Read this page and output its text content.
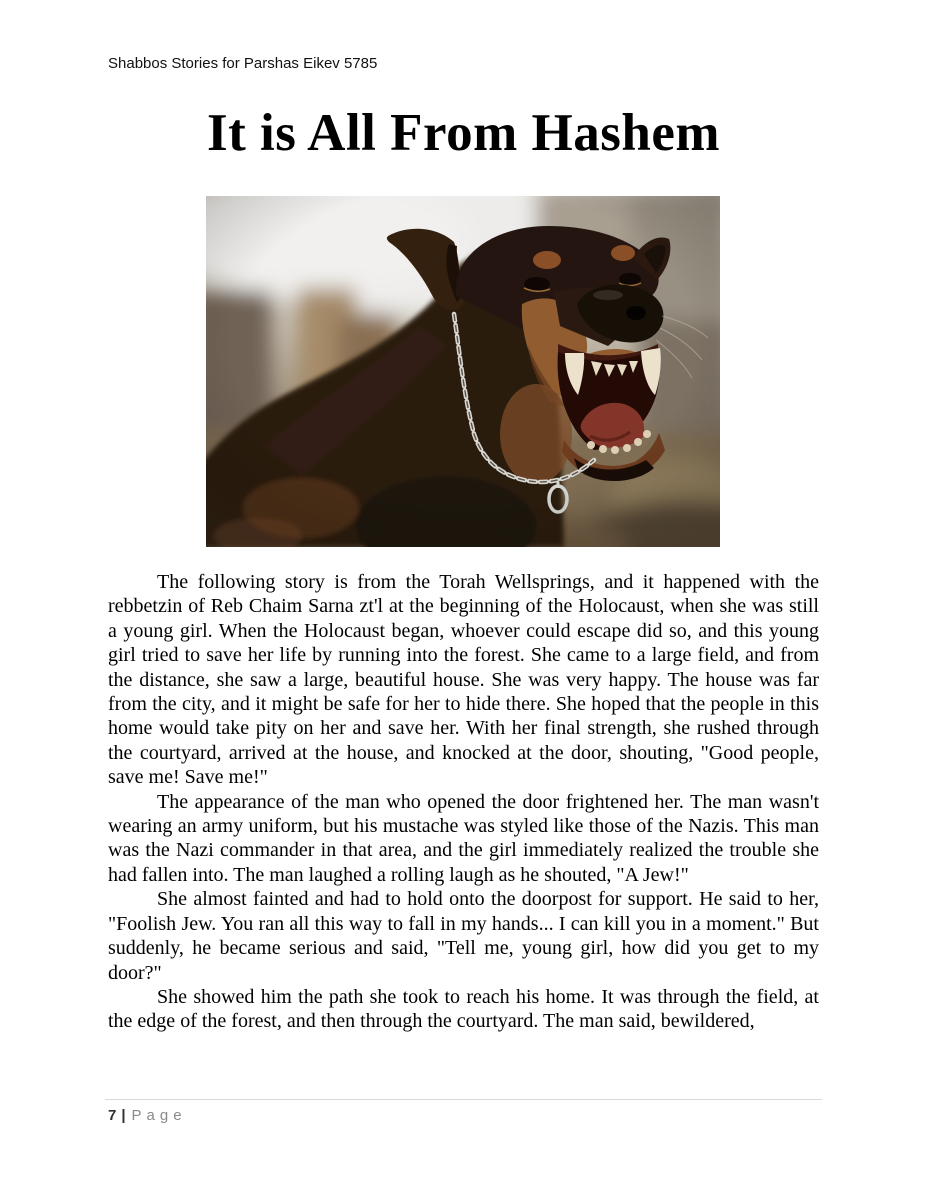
Shabbos Stories for Parshas Eikev 5785
It is All From Hashem

The following story is from the Torah Wellsprings, and it happened with the rebbetzin of Reb Chaim Sarna zt'l at the beginning of the Holocaust, when she was still a young girl. When the Holocaust began, whoever could escape did so, and this young girl tried to save her life by running into the forest. She came to a large field, and from the distance, she saw a large, beautiful house. She was very happy. The house was far from the city, and it might be safe for her to hide there. She hoped that the people in this home would take pity on her and save her. With her final strength, she rushed through the courtyard, arrived at the house, and knocked at the door, shouting, "Good people, save me! Save me!"

The appearance of the man who opened the door frightened her. The man wasn't wearing an army uniform, but his mustache was styled like those of the Nazis. This man was the Nazi commander in that area, and the girl immediately realized the trouble she had fallen into. The man laughed a rolling laugh as he shouted, "A Jew!"

She almost fainted and had to hold onto the doorpost for support. He said to her, "Foolish Jew. You ran all this way to fall in my hands... I can kill you in a moment." But suddenly, he became serious and said, "Tell me, young girl, how did you get to my door?"

She showed him the path she took to reach his home. It was through the field, at the edge of the forest, and then through the courtyard. The man said, bewildered,

7 | Page
